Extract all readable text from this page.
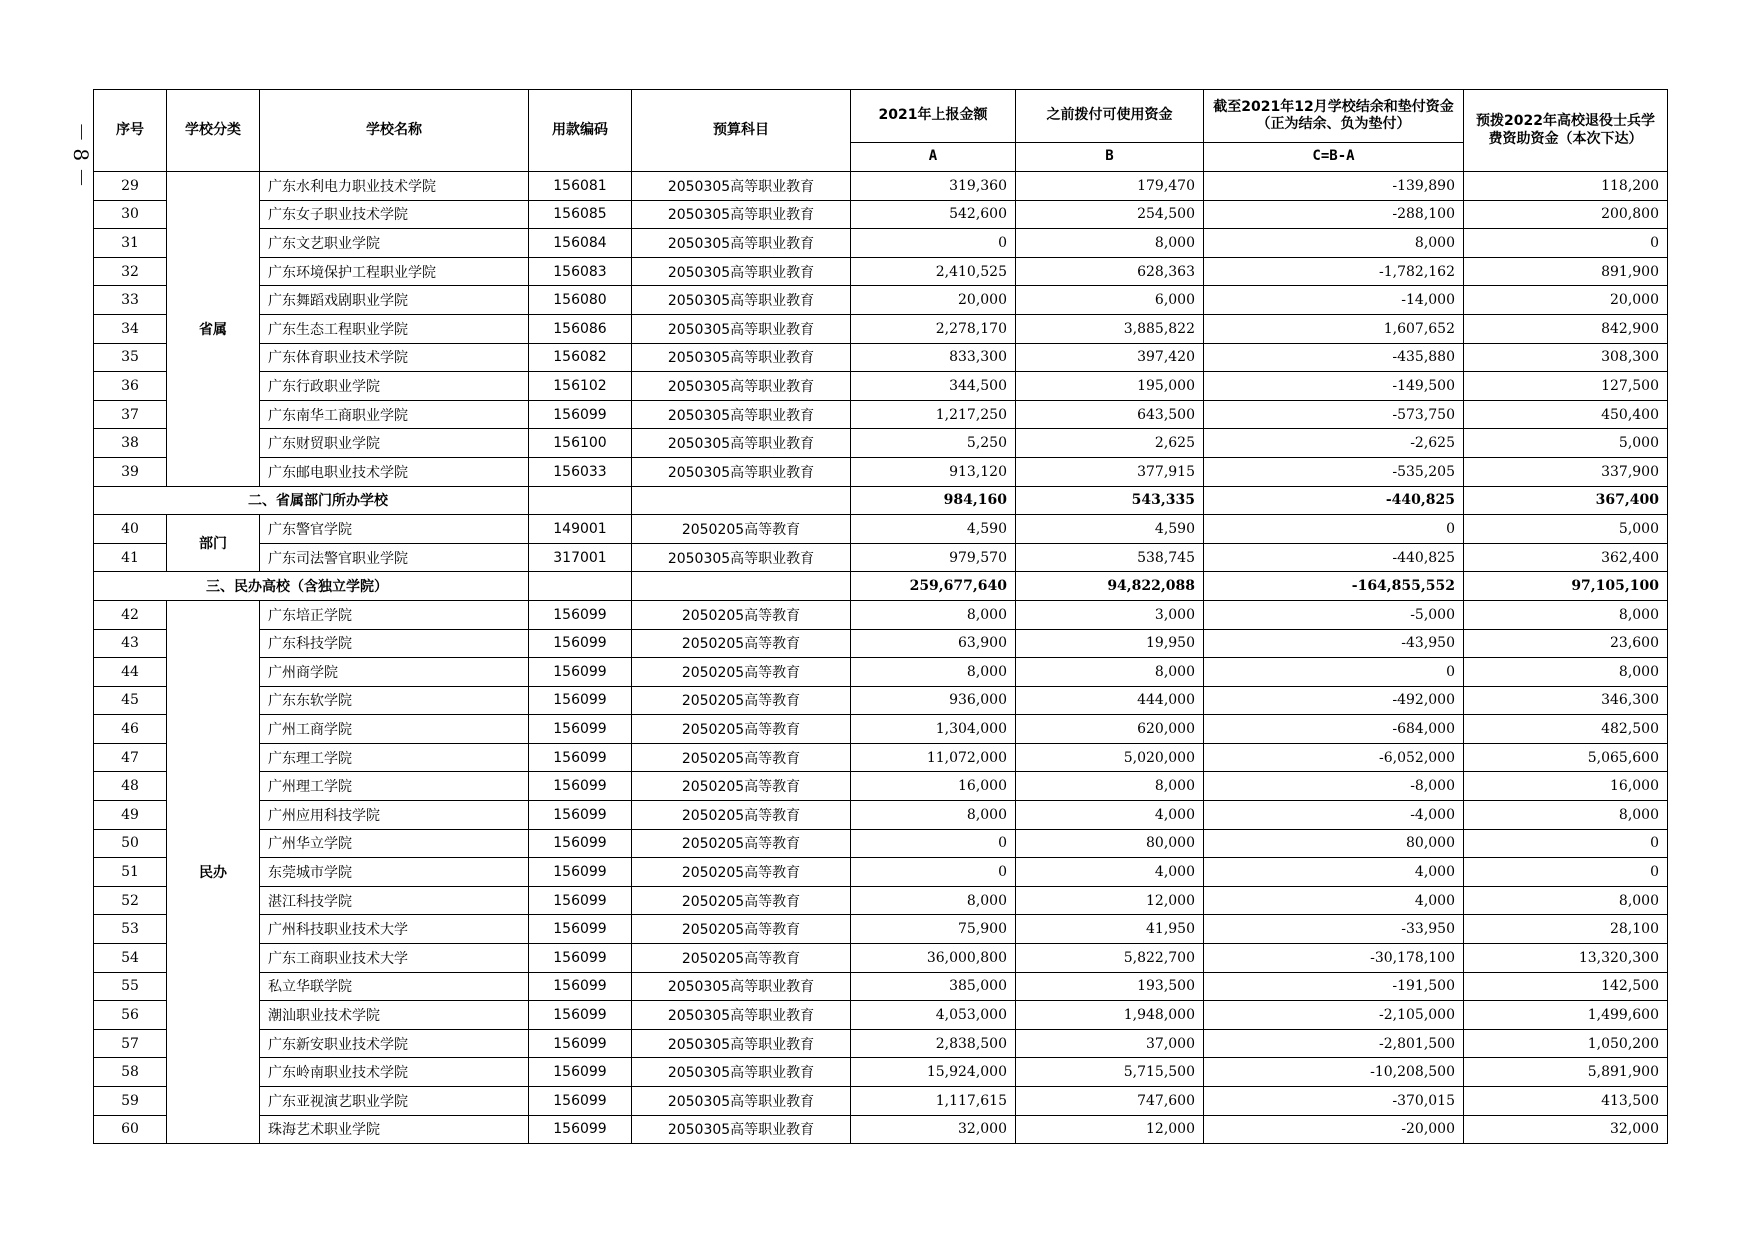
－ 8 － 序号	学校分类	学校名称	用款编码	预算科目	2021年上报金额	之前拨付可使用资金	截至2021年12月学校结余和垫付资金（正为结余、负为垫付）	预拨2022年高校退役士兵学费资助资金（本次下达）
					A	B	C=B-A	
29	省属	广东水利电力职业技术学院	156081	2050305高等职业教育	319,360	179,470	-139,890	118,200
30		广东女子职业技术学院	156085	2050305高等职业教育	542,600	254,500	-288,100	200,800
31		广东文艺职业学院	156084	2050305高等职业教育	0	8,000	8,000	0
32		广东环境保护工程职业学院	156083	2050305高等职业教育	2,410,525	628,363	-1,782,162	891,900
33		广东舞蹈戏剧职业学院	156080	2050305高等职业教育	20,000	6,000	-14,000	20,000
34		广东生态工程职业学院	156086	2050305高等职业教育	2,278,170	3,885,822	1,607,652	842,900
35		广东体育职业技术学院	156082	2050305高等职业教育	833,300	397,420	-435,880	308,300
36		广东行政职业学院	156102	2050305高等职业教育	344,500	195,000	-149,500	127,500
37		广东南华工商职业学院	156099	2050305高等职业教育	1,217,250	643,500	-573,750	450,400
38		广东财贸职业学院	156100	2050305高等职业教育	5,250	2,625	-2,625	5,000
39		广东邮电职业技术学院	156033	2050305高等职业教育	913,120	377,915	-535,205	337,900
二、省属部门所办学校					984,160	543,335	-440,825	367,400
40	部门	广东警官学院	149001	2050205高等教育	4,590	4,590	0	5,000
41		广东司法警官职业学院	317001	2050305高等职业教育	979,570	538,745	-440,825	362,400
三、民办高校（含独立学院）					259,677,640	94,822,088	-164,855,552	97,105,100
42	民办	广东培正学院	156099	2050205高等教育	8,000	3,000	-5,000	8,000
43		广东科技学院	156099	2050205高等教育	63,900	19,950	-43,950	23,600
44		广州商学院	156099	2050205高等教育	8,000	8,000	0	8,000
45		广东东软学院	156099	2050205高等教育	936,000	444,000	-492,000	346,300
46		广州工商学院	156099	2050205高等教育	1,304,000	620,000	-684,000	482,500
47		广东理工学院	156099	2050205高等教育	11,072,000	5,020,000	-6,052,000	5,065,600
48		广州理工学院	156099	2050205高等教育	16,000	8,000	-8,000	16,000
49		广州应用科技学院	156099	2050205高等教育	8,000	4,000	-4,000	8,000
50		广州华立学院	156099	2050205高等教育	0	80,000	80,000	0
51		东莞城市学院	156099	2050205高等教育	0	4,000	4,000	0
52		湛江科技学院	156099	2050205高等教育	8,000	12,000	4,000	8,000
53		广州科技职业技术大学	156099	2050205高等教育	75,900	41,950	-33,950	28,100
54		广东工商职业技术大学	156099	2050205高等教育	36,000,800	5,822,700	-30,178,100	13,320,300
55		私立华联学院	156099	2050305高等职业教育	385,000	193,500	-191,500	142,500
56		潮汕职业技术学院	156099	2050305高等职业教育	4,053,000	1,948,000	-2,105,000	1,499,600
57		广东新安职业技术学院	156099	2050305高等职业教育	2,838,500	37,000	-2,801,500	1,050,200
58		广东岭南职业技术学院	156099	2050305高等职业教育	15,924,000	5,715,500	-10,208,500	5,891,900
59		广东亚视演艺职业学院	156099	2050305高等职业教育	1,117,615	747,600	-370,015	413,500
60		珠海艺术职业学院	156099	2050305高等职业教育	32,000	12,000	-20,000	32,000
